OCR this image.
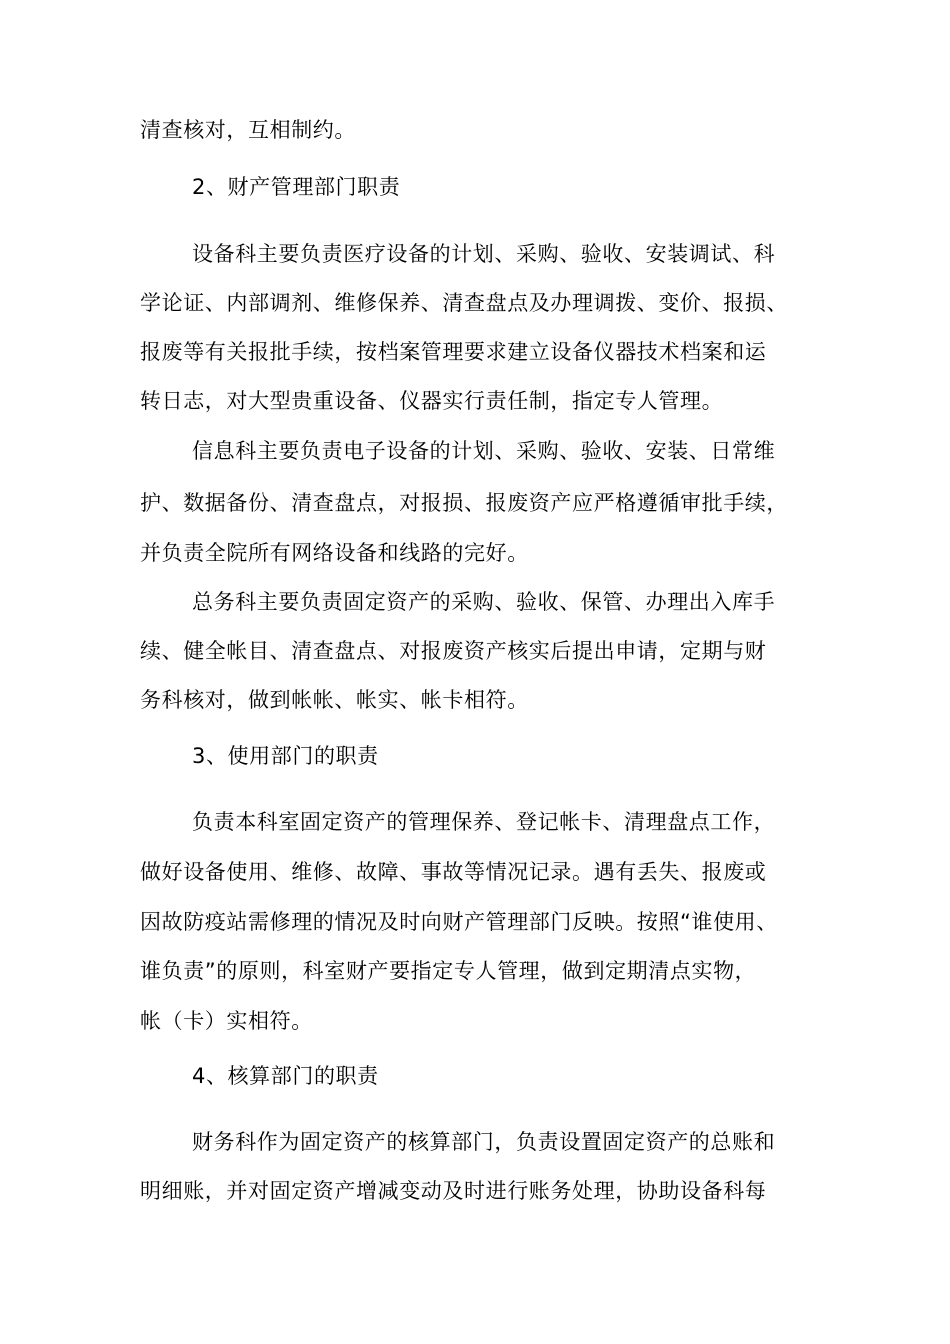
清查核对，互相制约。
2、财产管理部门职责
设备科主要负责医疗设备的计划、采购、验收、安装调试、科
学论证、内部调剂、维修保养、清查盘点及办理调拨、变价、报损、
报废等有关报批手续，按档案管理要求建立设备仪器技术档案和运
转日志，对大型贵重设备、仪器实行责任制，指定专人管理。
信息科主要负责电子设备的计划、采购、验收、安装、日常维
护、数据备份、清查盘点，对报损、报废资产应严格遵循审批手续，
并负责全院所有网络设备和线路的完好。
总务科主要负责固定资产的采购、验收、保管、办理出入库手
续、健全帐目、清查盘点、对报废资产核实后提出申请，定期与财
务科核对，做到帐帐、帐实、帐卡相符。
3、使用部门的职责
负责本科室固定资产的管理保养、登记帐卡、清理盘点工作，
做好设备使用、维修、故障、事故等情况记录。遇有丢失、报废或
因故防疫站需修理的情况及时向财产管理部门反映。按照“谁使用、
谁负责”的原则，科室财产要指定专人管理，做到定期清点实物，
帐（卡）实相符。
4、核算部门的职责
财务科作为固定资产的核算部门，负责设置固定资产的总账和
明细账，并对固定资产增减变动及时进行账务处理，协助设备科每
